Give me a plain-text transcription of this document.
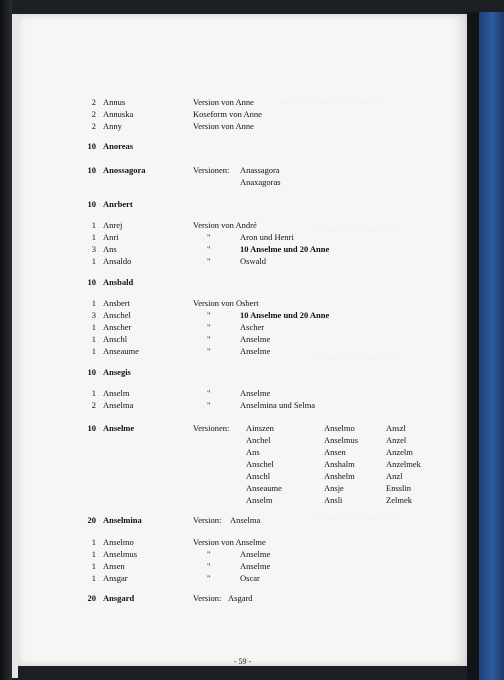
— — — — — — — — — —
— — — — — — — —
— — — — — — — —
— — — — — — — —
2 Annus	Version von Anne
2 Annuska	Koseform von Anne
2 Anny	Version von Anne
10 Anoreas
10 Anossagora	Versionen: Anassagora
Anaxagoras
10 Anrbert
1 Anrej	Version von André
1 Anri	"	Aron und Henri
3 Ans	"	10 Anselme und 20 Anne
1 Ansaldo	"	Oswald
10 Ansbald
1 Ansbert	Version von Osbert
3 Anschel	"	10 Anselme und 20 Anne
1 Anscher	"	Ascher
1 Anschl	"	Anselme
1 Anseaume	"	Anselme
10 Ansegis
1 Anselm	"	Anselme
2 Anselma	"	Anselmina und Selma
10 Anselme	Versionen: Ainszen	Anselmo	Anszl
Anchel	Anselmus	Anzel
Ans	Ansen	Anzelm
Anschel	Anshalm	Anzelmek
Anschl	Anshelm	Anzl
Anseaume	Ansje	Ensslin
Anselm	Ansli	Zelmek
20 Anselmina	Version: Anselma
1 Anselmo	Version von Anselme
1 Anselmus	"	Anselme
1 Ansen	"	Anselme
1 Ansgar	"	Oscar
20 Ansgard	Version: Asgard
- 59 -
